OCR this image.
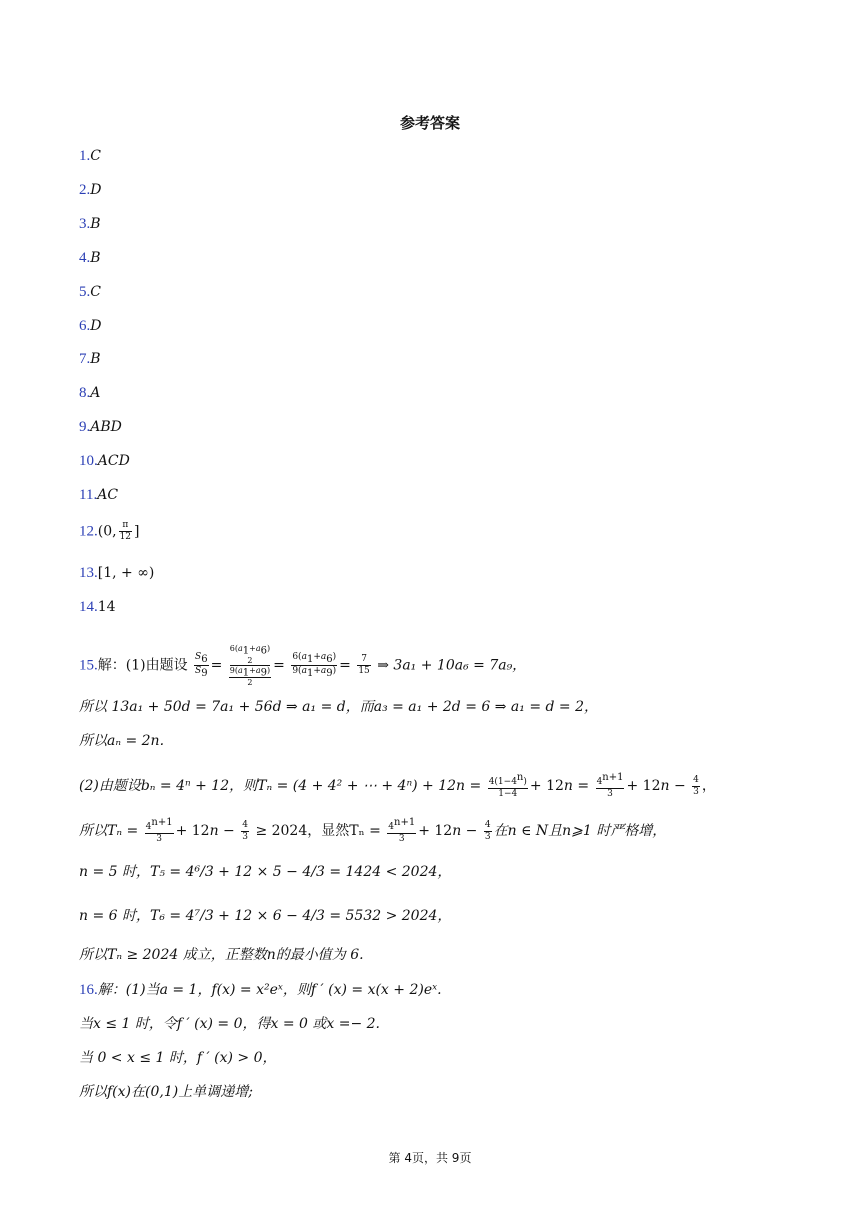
参考答案
1.C
2.D
3.B
4.B
5.C
6.D
7.B
8.A
9.ABD
10.ACD
11.AC
12.(0, $\frac{\pi}{12}$ ]
13.[1, + ∞)
14.14
15.解：(1)由题设 $\frac{S_6}{S_9}$ =
$6(a_1+a_6)$
2
$9(a_1+a_9)$
2
= $\frac{6(a_1+a_6)}{9(a_1+a_9)} = \frac{7}{15}$ ⇒ 3a₁ + 10a₆ = 7a₉，
所以 13a₁ + 50d = 7a₁ + 56d ⇒ a₁ = d，而a₃ = a₁ + 2d = 6 ⇒ a₁ = d = 2，
所以aₙ = 2n.
(2)由题设bₙ = 4ⁿ + 12，则Tₙ = (4 + 4² + ⋯ + $4^n) + 12n = \frac{4(1-4^n)}{1-4} + 12n = \frac{4^{n+1}}{3} + 12n - \frac{4}{3}$ ，
所以$T_n = \frac{4^{n+1}}{3} + 12n - \frac{4}{3} \ge 2024$，显然$T_n = \frac{4^{n+1}}{3} + 12n - \frac{4}{3}$ 在n ∈ N且n⩾1 时严格增，
n = 5 时，T₅ = 4⁶/3 + 12 × 5 − 4/3 = 1424 < 2024，
n = 6 时，T₆ = 4⁷/3 + 12 × 6 − 4/3 = 5532 > 2024，
所以Tₙ ≥ 2024 成立，正整数n的最小值为 6.
16.解：(1)当a = 1，f(x) = x²eˣ，则f ′ (x) = x(x + 2)eˣ.
当x ≤ 1 时，令f ′ (x) = 0，得x = 0 或x =− 2.
当 0 < x ≤ 1 时，f ′ (x) > 0，
所以f(x)在(0,1)上单调递增;
第 4页，共 9页
